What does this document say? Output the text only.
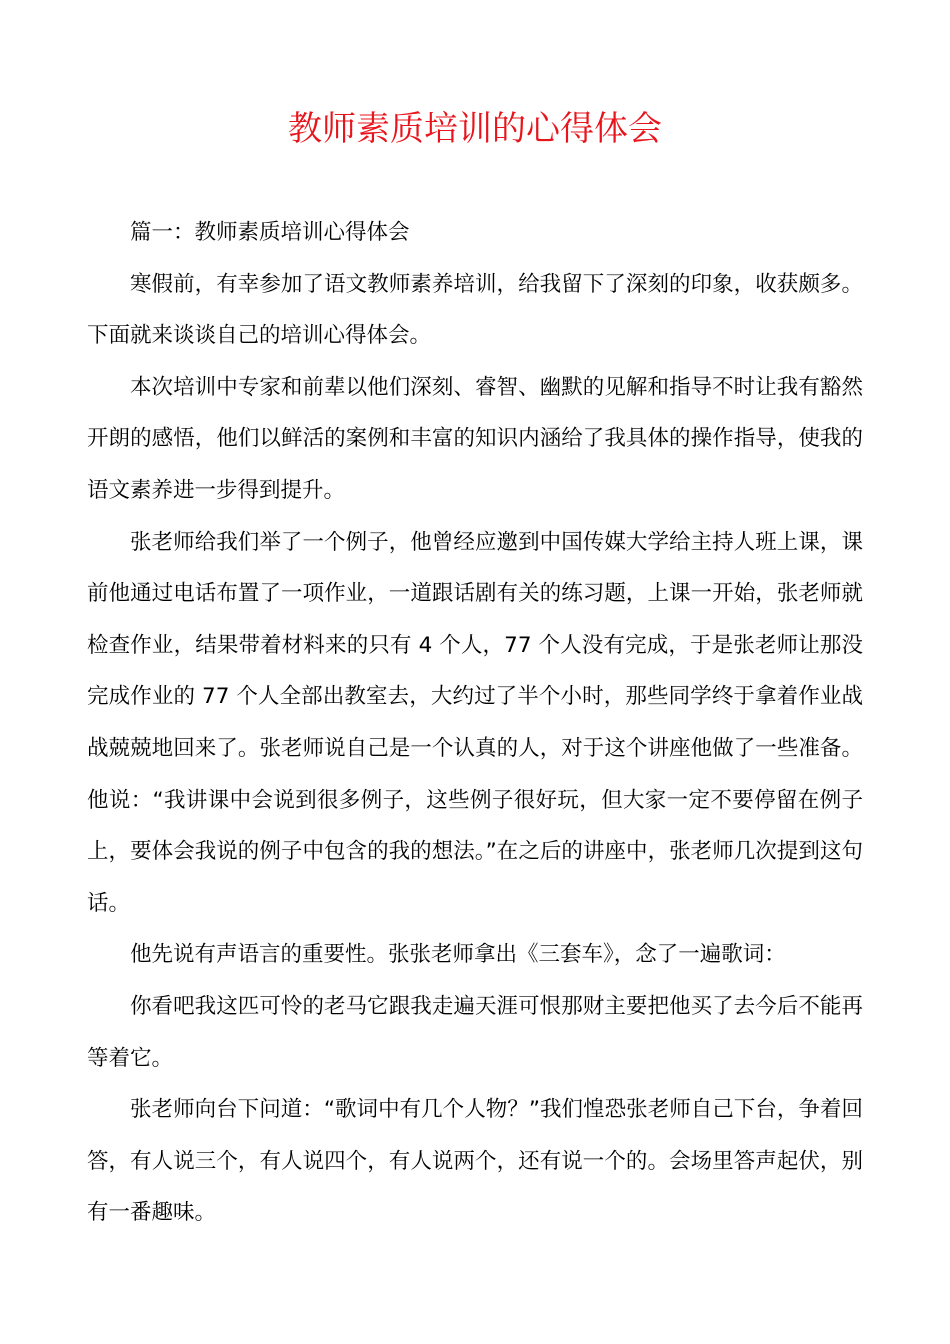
教师素质培训的心得体会

篇一：教师素质培训心得体会

寒假前，有幸参加了语文教师素养培训，给我留下了深刻的印象，收获颇多。下面就来谈谈自己的培训心得体会。

本次培训中专家和前辈以他们深刻、睿智、幽默的见解和指导不时让我有豁然开朗的感悟，他们以鲜活的案例和丰富的知识内涵给了我具体的操作指导，使我的语文素养进一步得到提升。

张老师给我们举了一个例子，他曾经应邀到中国传媒大学给主持人班上课，课前他通过电话布置了一项作业，一道跟话剧有关的练习题，上课一开始，张老师就检查作业，结果带着材料来的只有 4 个人，77 个人没有完成，于是张老师让那没完成作业的 77 个人全部出教室去，大约过了半个小时，那些同学终于拿着作业战战兢兢地回来了。张老师说自己是一个认真的人，对于这个讲座他做了一些准备。他说：“我讲课中会说到很多例子，这些例子很好玩，但大家一定不要停留在例子上，要体会我说的例子中包含的我的想法。”在之后的讲座中，张老师几次提到这句话。

他先说有声语言的重要性。张张老师拿出《三套车》，念了一遍歌词：

你看吧我这匹可怜的老马它跟我走遍天涯可恨那财主要把他买了去今后不能再等着它。

张老师向台下问道：“歌词中有几个人物？”我们惶恐张老师自己下台，争着回答，有人说三个，有人说四个，有人说两个，还有说一个的。会场里答声起伏，别有一番趣味。
